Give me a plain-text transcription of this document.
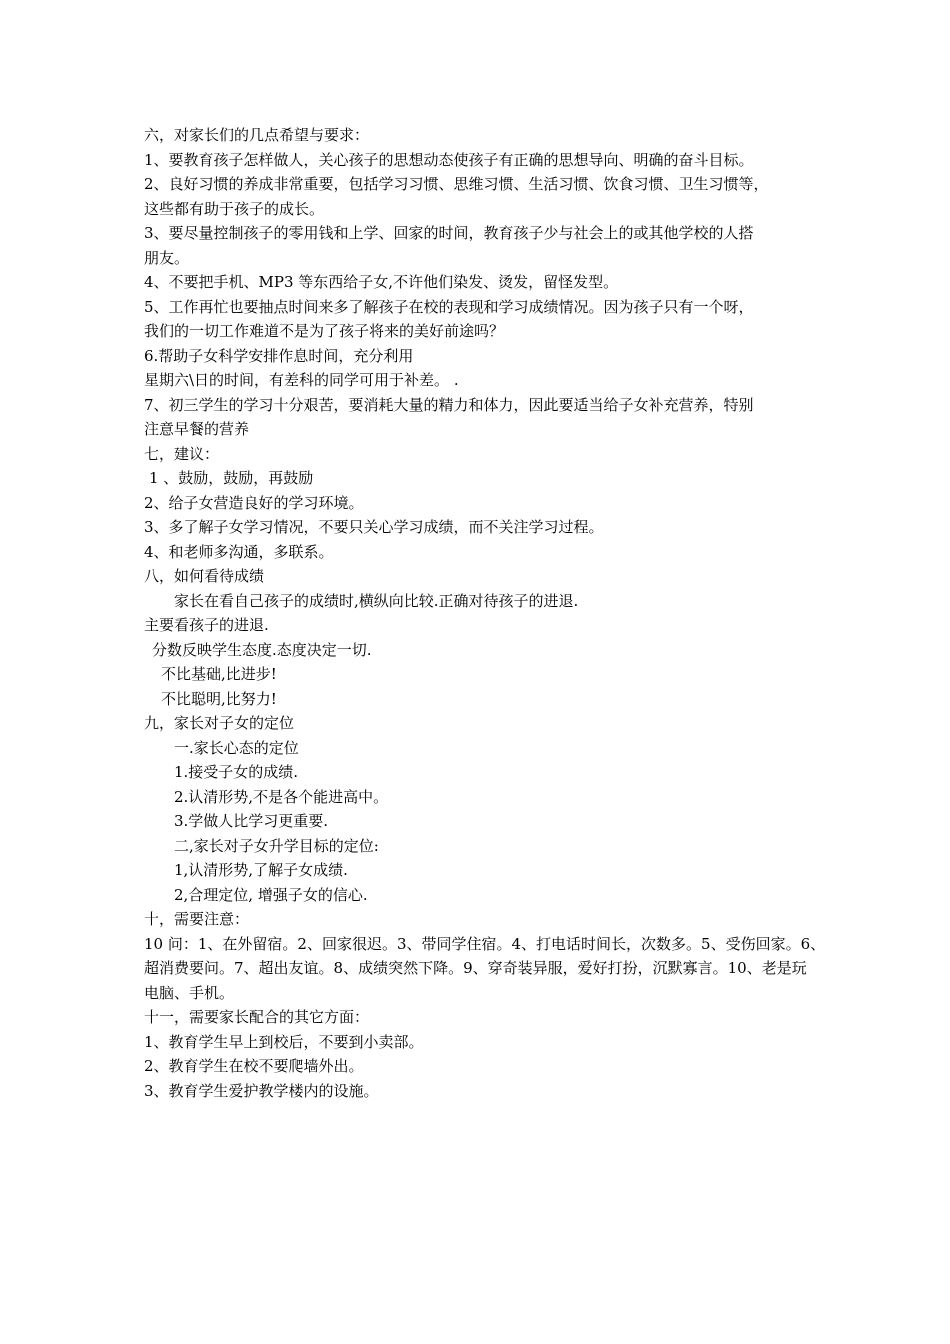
六，对家长们的几点希望与要求：
1、要教育孩子怎样做人，关心孩子的思想动态使孩子有正确的思想导向、明确的奋斗目标。
2、良好习惯的养成非常重要，包括学习习惯、思维习惯、生活习惯、饮食习惯、卫生习惯等，
这些都有助于孩子的成长。
3、要尽量控制孩子的零用钱和上学、回家的时间，教育孩子少与社会上的或其他学校的人搭
朋友。
4、不要把手机、MP3 等东西给子女,不许他们染发、烫发，留怪发型。
5、工作再忙也要抽点时间来多了解孩子在校的表现和学习成绩情况。因为孩子只有一个呀，
我们的一切工作难道不是为了孩子将来的美好前途吗？
6.帮助子女科学安排作息时间，充分利用
星期六\日的时间，有差科的同学可用于补差。 .
7、初三学生的学习十分艰苦，要消耗大量的精力和体力，因此要适当给子女补充营养，特别
注意早餐的营养
七，建议：
1 、鼓励，鼓励，再鼓励
2、给子女营造良好的学习环境。
3、多了解子女学习情况，不要只关心学习成绩，而不关注学习过程。
4、和老师多沟通，多联系。
八，如何看待成绩
家长在看自己孩子的成绩时,横纵向比较.正确对待孩子的进退.
主要看孩子的进退.
分数反映学生态度.态度决定一切.
不比基础,比进步!
不比聪明,比努力!
九，家长对子女的定位
一.家长心态的定位
1.接受子女的成绩.
2.认清形势,不是各个能进高中。
3.学做人比学习更重要.
二,家长对子女升学目标的定位:
1,认清形势,了解子女成绩.
2,合理定位, 增强子女的信心.
十，需要注意：
10 问：1、在外留宿。2、回家很迟。3、带同学住宿。4、打电话时间长，次数多。5、受伤回家。6、
超消费要问。7、超出友谊。8、成绩突然下降。9、穿奇装异服，爱好打扮，沉默寡言。10、老是玩
电脑、手机。
十一，需要家长配合的其它方面：
1、教育学生早上到校后，不要到小卖部。
2、教育学生在校不要爬墙外出。
3、教育学生爱护教学楼内的设施。
